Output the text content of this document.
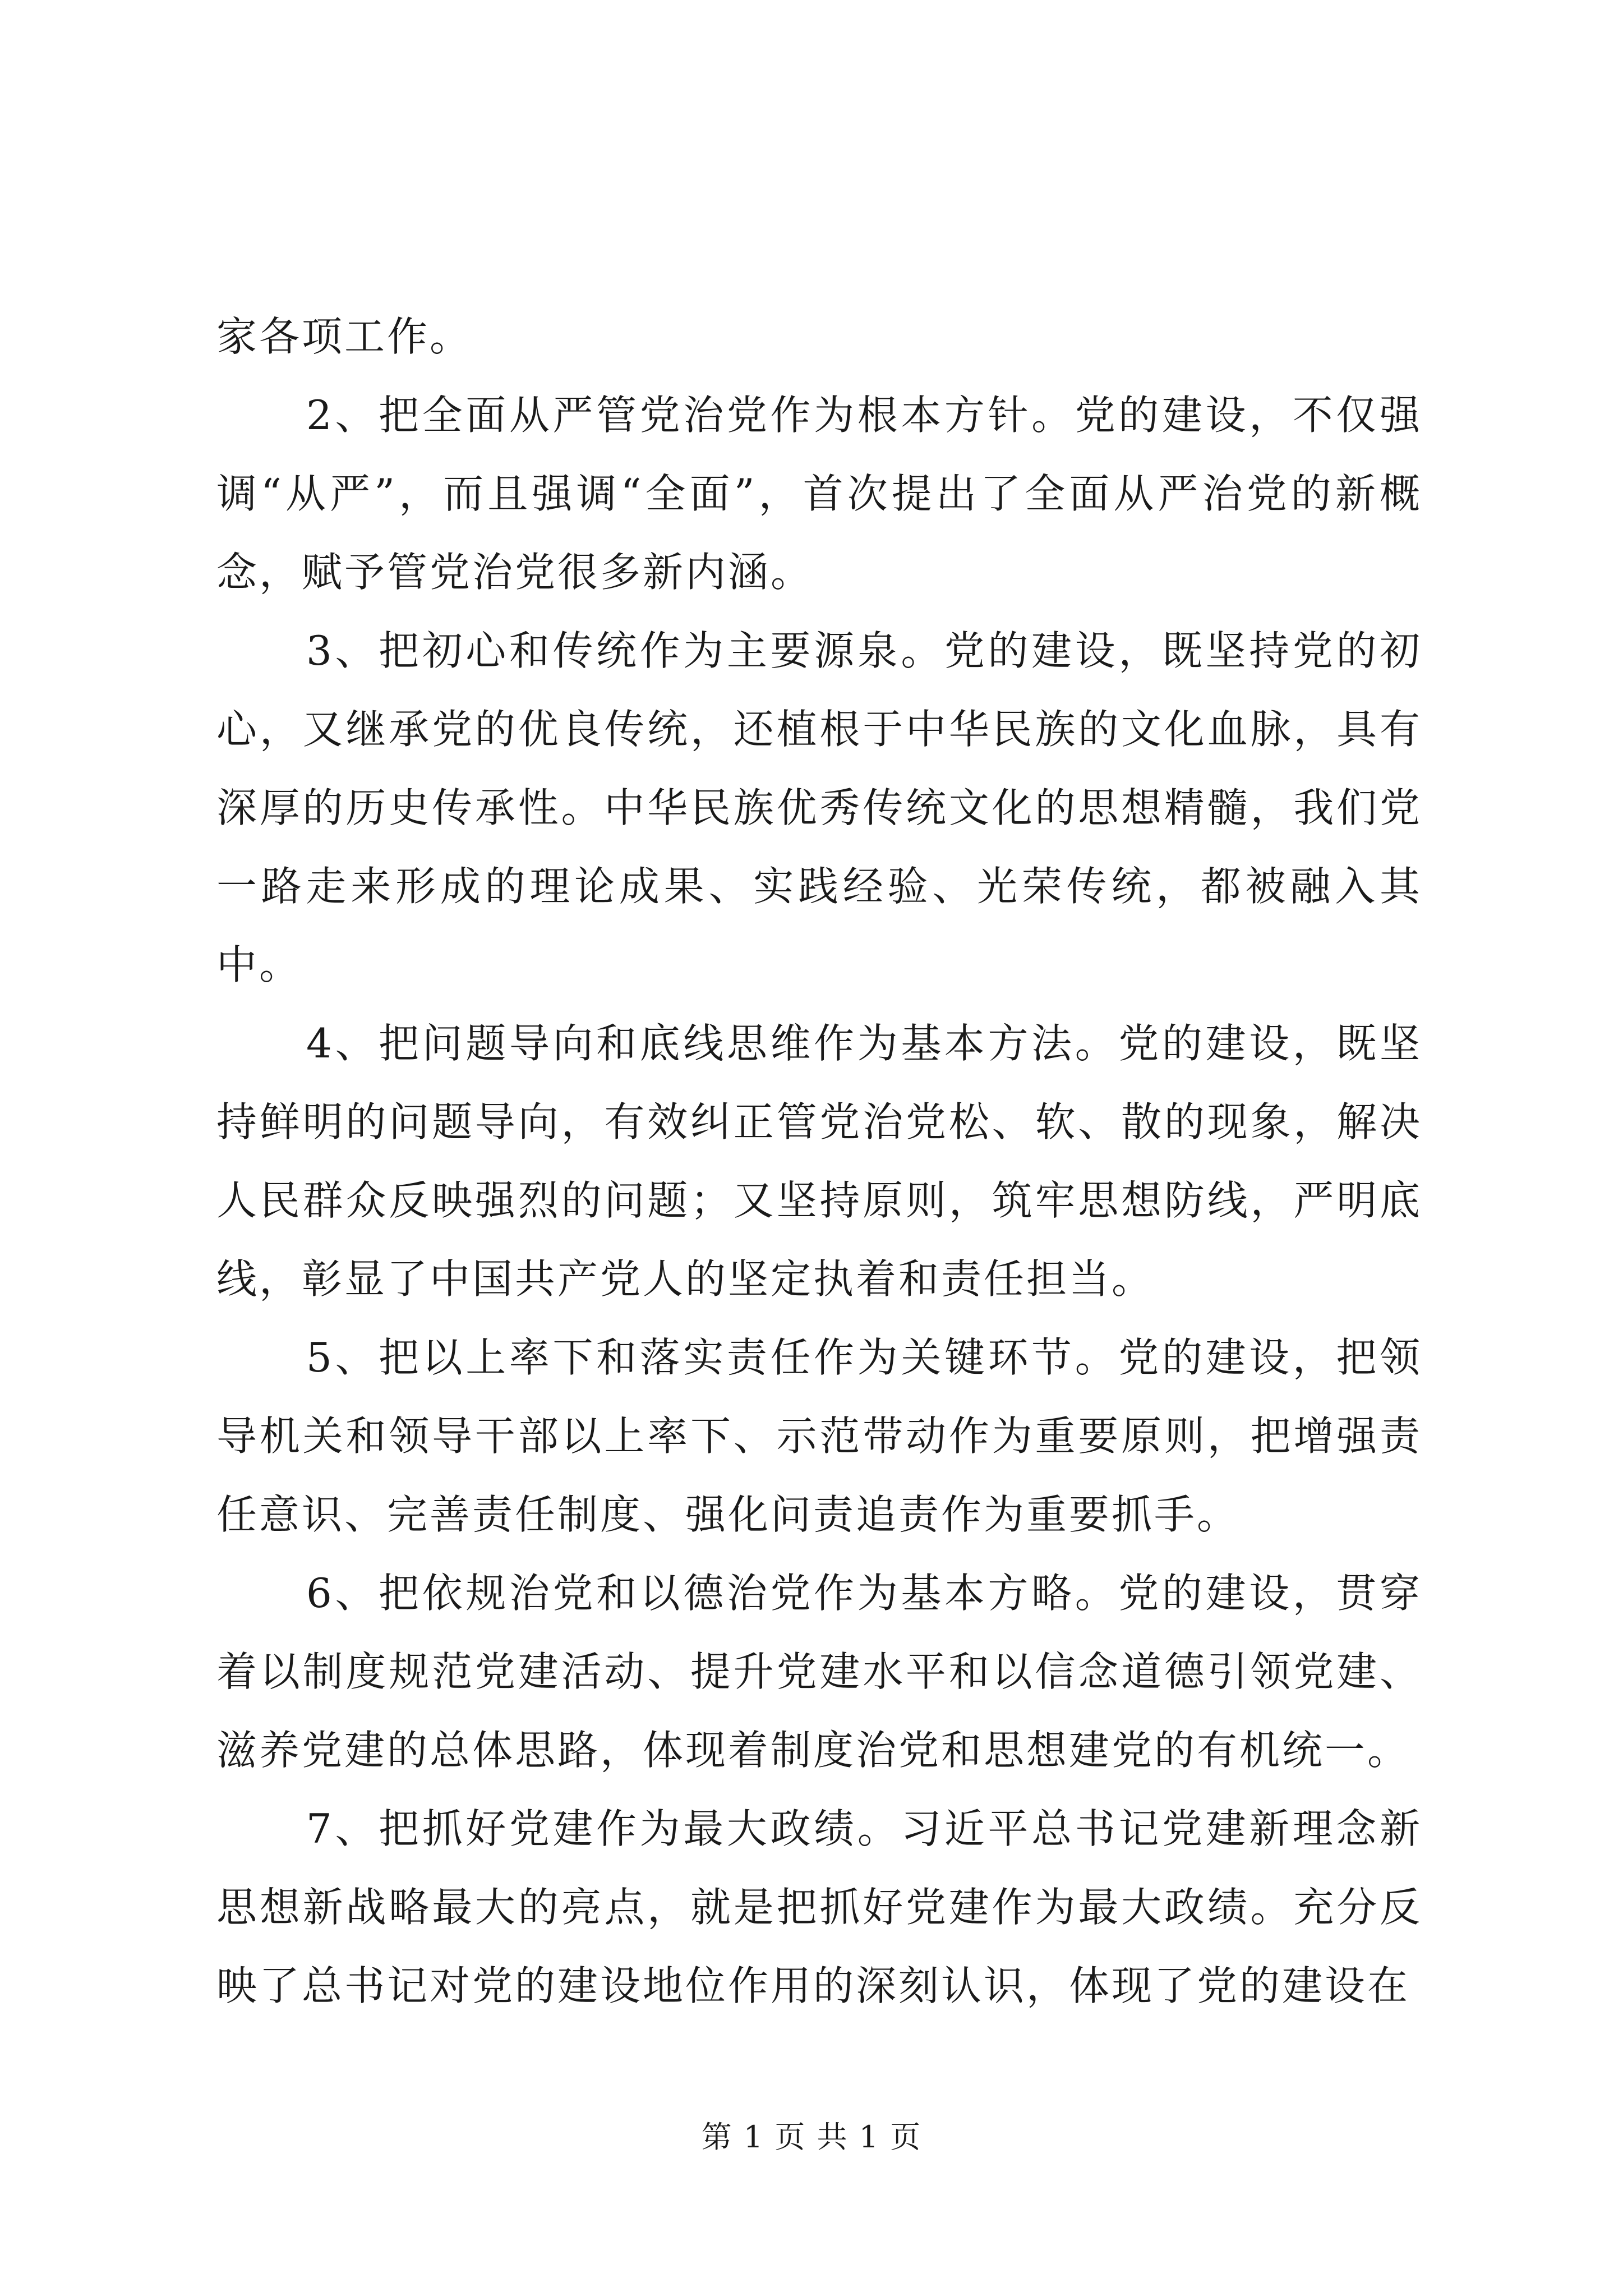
家各项工作。

2、把全面从严管党治党作为根本方针。党的建设，不仅强调“从严”，而且强调“全面”，首次提出了全面从严治党的新概念，赋予管党治党很多新内涵。

3、把初心和传统作为主要源泉。党的建设，既坚持党的初心，又继承党的优良传统，还植根于中华民族的文化血脉，具有深厚的历史传承性。中华民族优秀传统文化的思想精髓，我们党一路走来形成的理论成果、实践经验、光荣传统，都被融入其中。

4、把问题导向和底线思维作为基本方法。党的建设，既坚持鲜明的问题导向，有效纠正管党治党松、软、散的现象，解决人民群众反映强烈的问题；又坚持原则，筑牢思想防线，严明底线，彰显了中国共产党人的坚定执着和责任担当。

5、把以上率下和落实责任作为关键环节。党的建设，把领导机关和领导干部以上率下、示范带动作为重要原则，把增强责任意识、完善责任制度、强化问责追责作为重要抓手。

6、把依规治党和以德治党作为基本方略。党的建设，贯穿着以制度规范党建活动、提升党建水平和以信念道德引领党建、滋养党建的总体思路，体现着制度治党和思想建党的有机统一。

7、把抓好党建作为最大政绩。习近平总书记党建新理念新思想新战略最大的亮点，就是把抓好党建作为最大政绩。充分反映了总书记对党的建设地位作用的深刻认识，体现了党的建设在

第 1 页 共 1 页
